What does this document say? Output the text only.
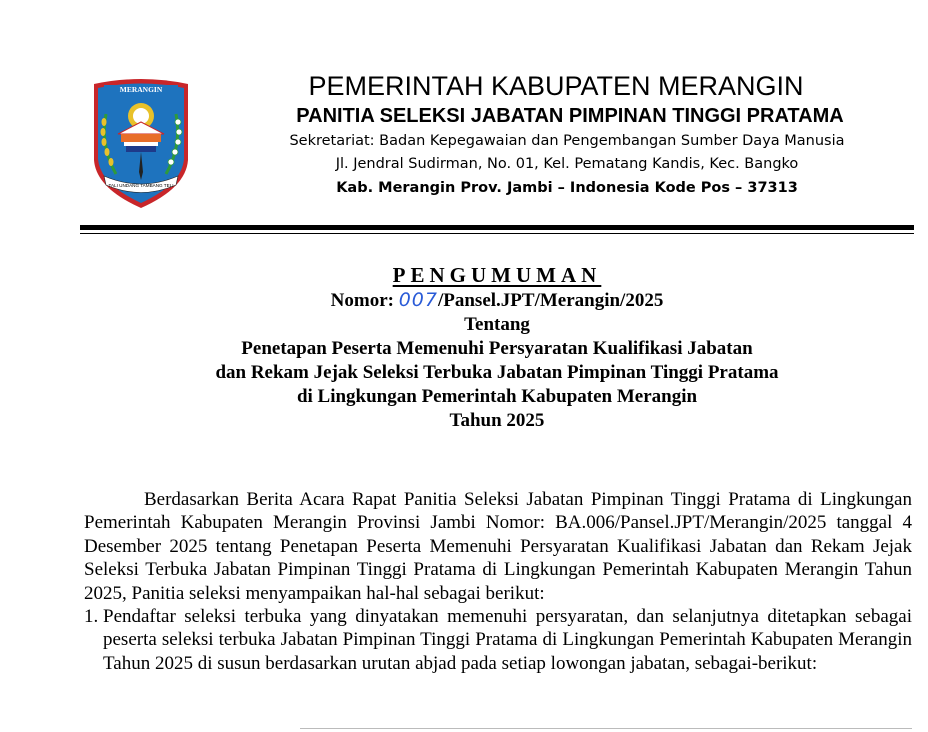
MERANGIN
TALI UNDANG TAMBANG TELI
PEMERINTAH KABUPATEN MERANGIN
PANITIA SELEKSI JABATAN PIMPINAN TINGGI PRATAMA
Sekretariat: Badan Kepegawaian dan Pengembangan Sumber Daya Manusia
Jl. Jendral Sudirman, No. 01, Kel. Pematang Kandis, Kec. Bangko
Kab. Merangin Prov. Jambi – Indonesia Kode Pos – 37313
PENGUMUMAN
Nomor: 007/Pansel.JPT/Merangin/2025
Tentang
Penetapan Peserta Memenuhi Persyaratan Kualifikasi Jabatan
dan Rekam Jejak Seleksi Terbuka Jabatan Pimpinan Tinggi Pratama
di Lingkungan Pemerintah Kabupaten Merangin
Tahun 2025

Berdasarkan Berita Acara Rapat Panitia Seleksi Jabatan Pimpinan Tinggi Pratama di Lingkungan Pemerintah Kabupaten Merangin Provinsi Jambi Nomor: BA.006/Pansel.JPT/Merangin/2025 tanggal 4 Desember 2025 tentang Penetapan Peserta Memenuhi Persyaratan Kualifikasi Jabatan dan Rekam Jejak Seleksi Terbuka Jabatan Pimpinan Tinggi Pratama di Lingkungan Pemerintah Kabupaten Merangin Tahun 2025, Panitia seleksi menyampaikan hal-hal sebagai berikut:

1. Pendaftar seleksi terbuka yang dinyatakan memenuhi persyaratan, dan selanjutnya ditetapkan sebagai peserta seleksi terbuka Jabatan Pimpinan Tinggi Pratama di Lingkungan Pemerintah Kabupaten Merangin Tahun 2025 di susun berdasarkan urutan abjad pada setiap lowongan jabatan, sebagai-berikut:
